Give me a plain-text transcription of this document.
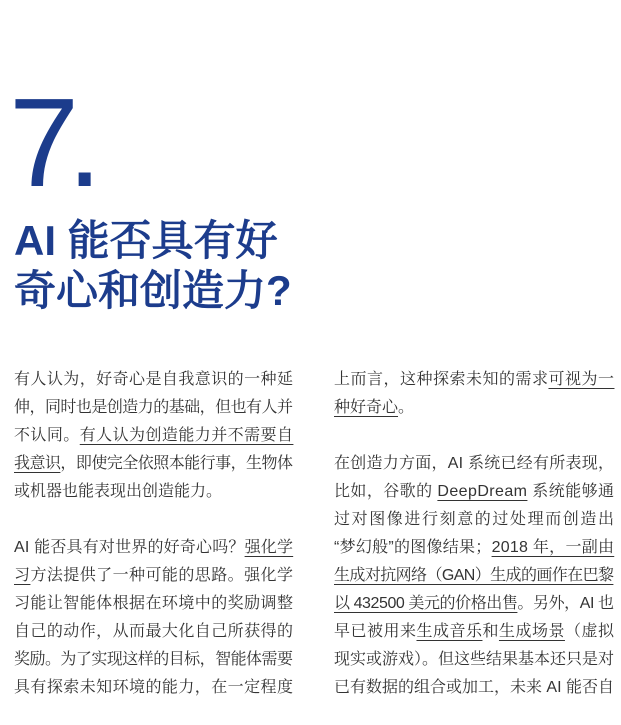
7.
AI 能否具有好
奇心和创造力?
有人认为，好奇心是自我意识的一种延
伸，同时也是创造力的基础，但也有人并
不认同。有人认为创造能力并不需要自
我意识，即使完全依照本能行事，生物体
或机器也能表现出创造能力。
AI 能否具有对世界的好奇心吗？强化学
习方法提供了一种可能的思路。强化学
习能让智能体根据在环境中的奖励调整
自己的动作，从而最大化自己所获得的
奖励。为了实现这样的目标，智能体需要
具有探索未知环境的能力，在一定程度
上而言，这种探索未知的需求可视为一
种好奇心。
在创造力方面，AI 系统已经有所表现，
比如，谷歌的 DeepDream 系统能够通
过对图像进行刻意的过处理而创造出
“梦幻般”的图像结果；2018 年，一副由
生成对抗网络（GAN）生成的画作在巴黎
以 432500 美元的价格出售。另外，AI 也
早已被用来生成音乐和生成场景（虚拟
现实或游戏）。但这些结果基本还只是对
已有数据的组合或加工，未来 AI 能否自
